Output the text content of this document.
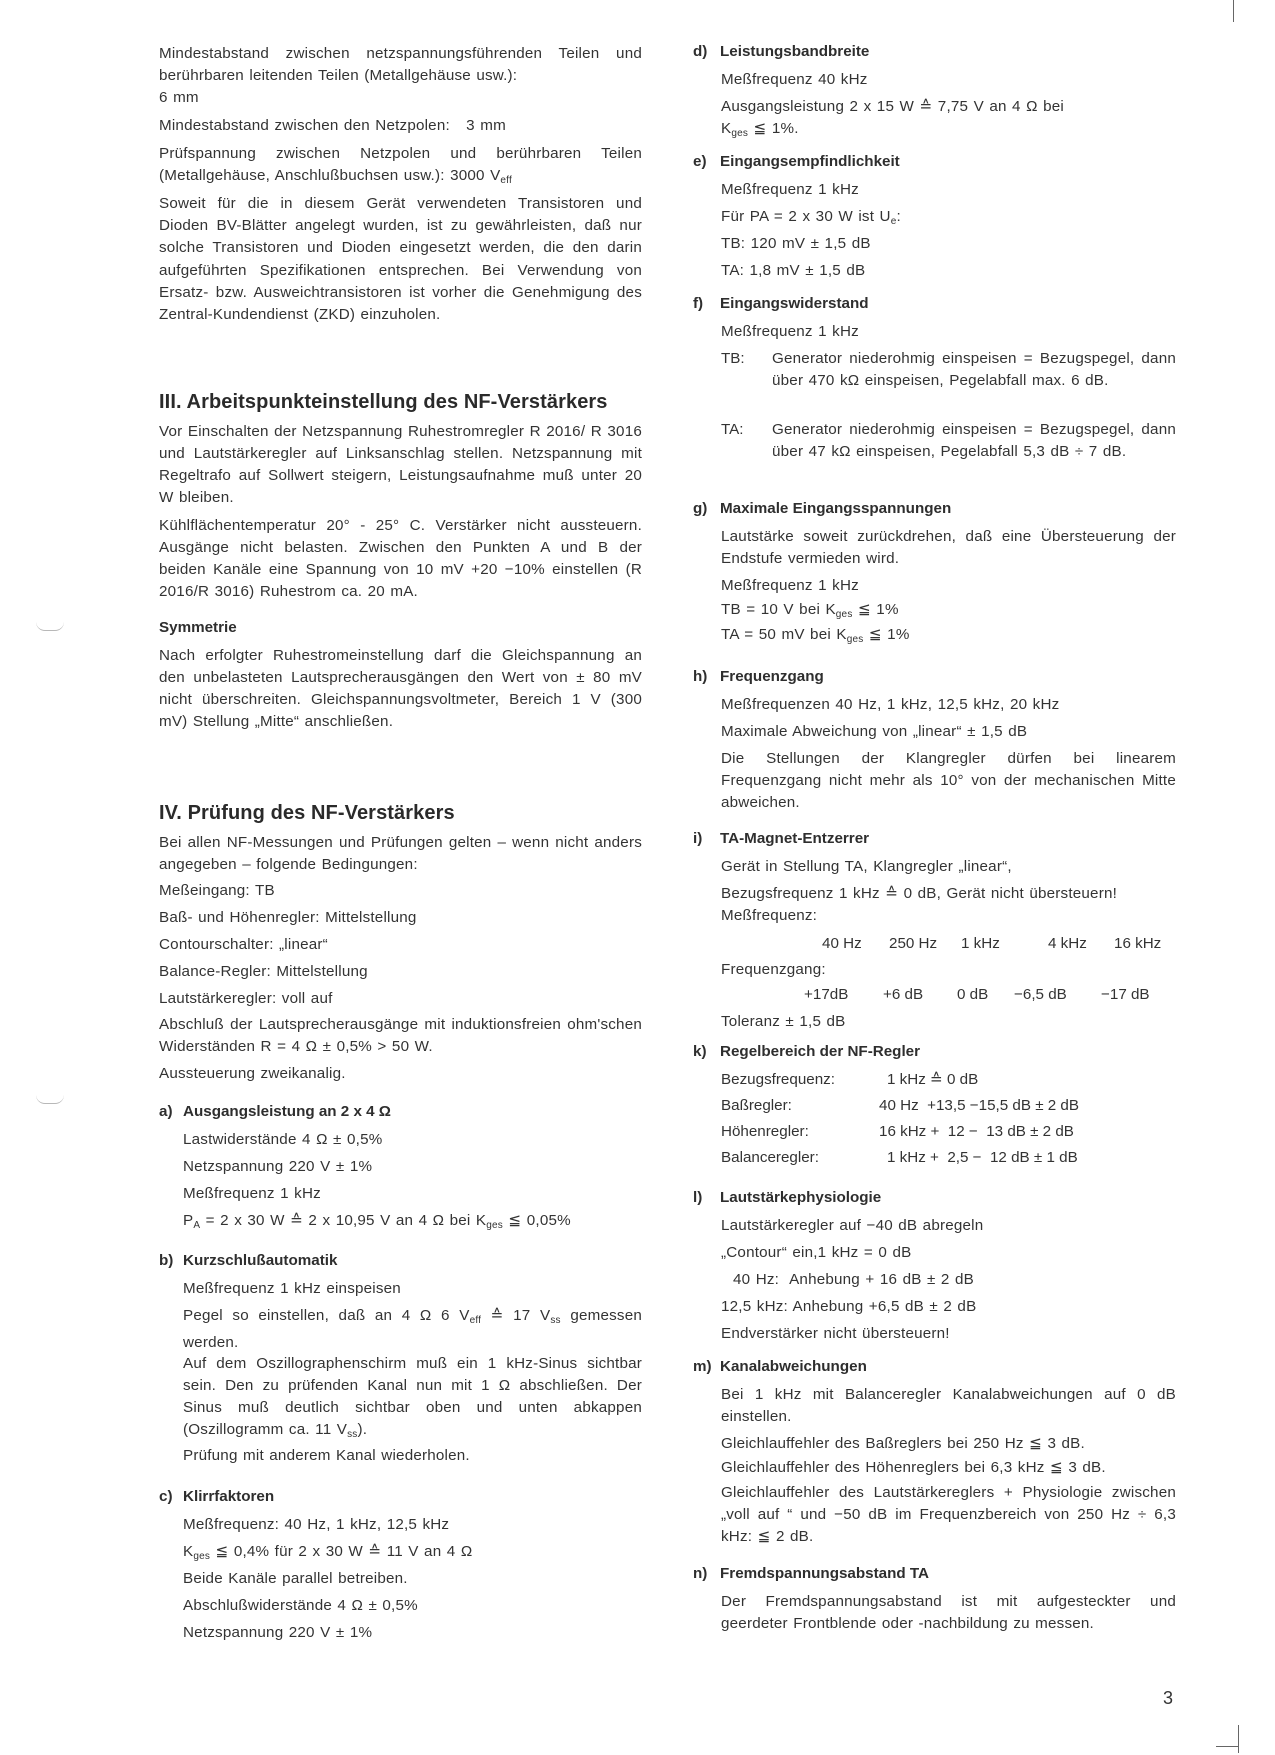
Mindestabstand zwischen netzspannungsführenden Teilen und berührbaren leitenden Teilen (Metallgehäuse usw.):

6 mm

Mindestabstand zwischen den Netzpolen:   3 mm

Prüfspannung zwischen Netzpolen und berührbaren Teilen (Metallgehäuse, Anschlußbuchsen usw.): 3000 $V_{eff}$

Soweit für die in diesem Gerät verwendeten Transistoren und Dioden BV-Blätter angelegt wurden, ist zu gewährleisten, daß nur solche Transistoren und Dioden eingesetzt werden, die den darin aufgeführten Spezifikationen entsprechen. Bei Verwendung von Ersatz- bzw. Ausweichtransistoren ist vorher die Genehmigung des Zentral-Kundendienst (ZKD) einzuholen.

III. Arbeitspunkteinstellung des NF-Verstärkers

Vor Einschalten der Netzspannung Ruhestromregler R 2016/ R 3016 und Lautstärkeregler auf Linksanschlag stellen. Netzspannung mit Regeltrafo auf Sollwert steigern, Leistungsaufnahme muß unter 20 W bleiben.

Kühlflächentemperatur 20° - 25° C. Verstärker nicht aussteuern. Ausgänge nicht belasten. Zwischen den Punkten A und B der beiden Kanäle eine Spannung von 10 mV +20 −10% einstellen (R 2016/R 3016) Ruhestrom ca. 20 mA.

Symmetrie

Nach erfolgter Ruhestromeinstellung darf die Gleichspannung an den unbelasteten Lautsprecherausgängen den Wert von ± 80 mV nicht überschreiten. Gleichspannungsvoltmeter, Bereich 1 V (300 mV) Stellung „Mitte“ anschließen.

IV. Prüfung des NF-Verstärkers

Bei allen NF-Messungen und Prüfungen gelten – wenn nicht anders angegeben – folgende Bedingungen:

Meßeingang: TB

Baß- und Höhenregler: Mittelstellung

Contourschalter: „linear“

Balance-Regler: Mittelstellung

Lautstärkeregler: voll auf

Abschluß der Lautsprecherausgänge mit induktionsfreien ohm'schen Widerständen R = 4 Ω ± 0,5% > 50 W.

Aussteuerung zweikanalig.

a) Ausgangsleistung an 2 x 4 Ω

Lastwiderstände 4 Ω ± 0,5%

Netzspannung 220 V ± 1%

Meßfrequenz 1 kHz

$P_A = 2$ x 30 W ≙ 2 x 10,95 V an 4 Ω bei $K_{ges}$ ≦ 0,05%

b) Kurzschlußautomatik

Meßfrequenz 1 kHz einspeisen

Pegel so einstellen, daß an 4 Ω 6 $V_{eff}$ ≙ 17 $V_{ss}$ gemessen werden.

Auf dem Oszillographenschirm muß ein 1 kHz-Sinus sichtbar sein. Den zu prüfenden Kanal nun mit 1 Ω abschließen. Der Sinus muß deutlich sichtbar oben und unten abkappen (Oszillogramm ca. 11 $V_{ss}$).

Prüfung mit anderem Kanal wiederholen.

c) Klirrfaktoren

Meßfrequenz: 40 Hz, 1 kHz, 12,5 kHz

$K_{ges}$ ≦ 0,4% für 2 x 30 W ≙ 11 V an 4 Ω

Beide Kanäle parallel betreiben.

Abschlußwiderstände 4 Ω ± 0,5%

Netzspannung 220 V ± 1%

d) Leistungsbandbreite

Meßfrequenz 40 kHz

Ausgangsleistung 2 x 15 W ≙ 7,75 V an 4 Ω bei

$K_{ges}$ ≦ 1%.

e) Eingangsempfindlichkeit

Meßfrequenz 1 kHz

Für PA = 2 x 30 W ist $U_e$:

TB: 120 mV ± 1,5 dB

TA: 1,8 mV ± 1,5 dB

f) Eingangswiderstand

Meßfrequenz 1 kHz

TB: Generator niederohmig einspeisen = Bezugspegel, dann über 470 kΩ einspeisen, Pegelabfall max. 6 dB.

TA: Generator niederohmig einspeisen = Bezugspegel, dann über 47 kΩ einspeisen, Pegelabfall 5,3 dB ÷ 7 dB.

g) Maximale Eingangsspannungen

Lautstärke soweit zurückdrehen, daß eine Übersteuerung der Endstufe vermieden wird.

Meßfrequenz 1 kHz

TB = 10 V bei $K_{ges}$ ≦ 1%

TA = 50 mV bei $K_{ges}$ ≦ 1%

h) Frequenzgang

Meßfrequenzen 40 Hz, 1 kHz, 12,5 kHz, 20 kHz

Maximale Abweichung von „linear“ ± 1,5 dB

Die Stellungen der Klangregler dürfen bei linearem Frequenzgang nicht mehr als 10° von der mechanischen Mitte abweichen.

i) TA-Magnet-Entzerrer

Gerät in Stellung TA, Klangregler „linear“,

Bezugsfrequenz 1 kHz ≙ 0 dB, Gerät nicht übersteuern!

Meßfrequenz:

40 Hz 250 Hz 1 kHz	4 kHz 16 kHz

Frequenzgang:

+17dB +6 dB 0 dB −6,5 dB −17 dB

Toleranz ± 1,5 dB

k) Regelbereich der NF-Regler
Bezugsfrequenz:	1 kHz ≙ 0 dB
Baßregler:	40 Hz  +13,5 −15,5 dB ± 2 dB
Höhenregler:	16 kHz +  12 −  13 dB ± 2 dB
Balanceregler:	1 kHz +  2,5 −  12 dB ± 1 dB
l) Lautstärkephysiologie

Lautstärkeregler auf −40 dB abregeln

„Contour“ ein,1 kHz = 0 dB

40 Hz:  Anhebung + 16 dB ± 2 dB

12,5 kHz: Anhebung +6,5 dB ± 2 dB

Endverstärker nicht übersteuern!

m) Kanalabweichungen

Bei 1 kHz mit Balanceregler Kanalabweichungen auf 0 dB einstellen.

Gleichlauffehler des Baßreglers bei 250 Hz ≦ 3 dB.

Gleichlauffehler des Höhenreglers bei 6,3 kHz ≦ 3 dB.

Gleichlauffehler des Lautstärkereglers + Physiologie zwischen „voll auf “ und −50 dB im Frequenzbereich von 250 Hz ÷ 6,3 kHz: ≦ 2 dB.

n) Fremdspannungsabstand TA

Der Fremdspannungsabstand ist mit aufgesteckter und geerdeter Frontblende oder -nachbildung zu messen.

3
